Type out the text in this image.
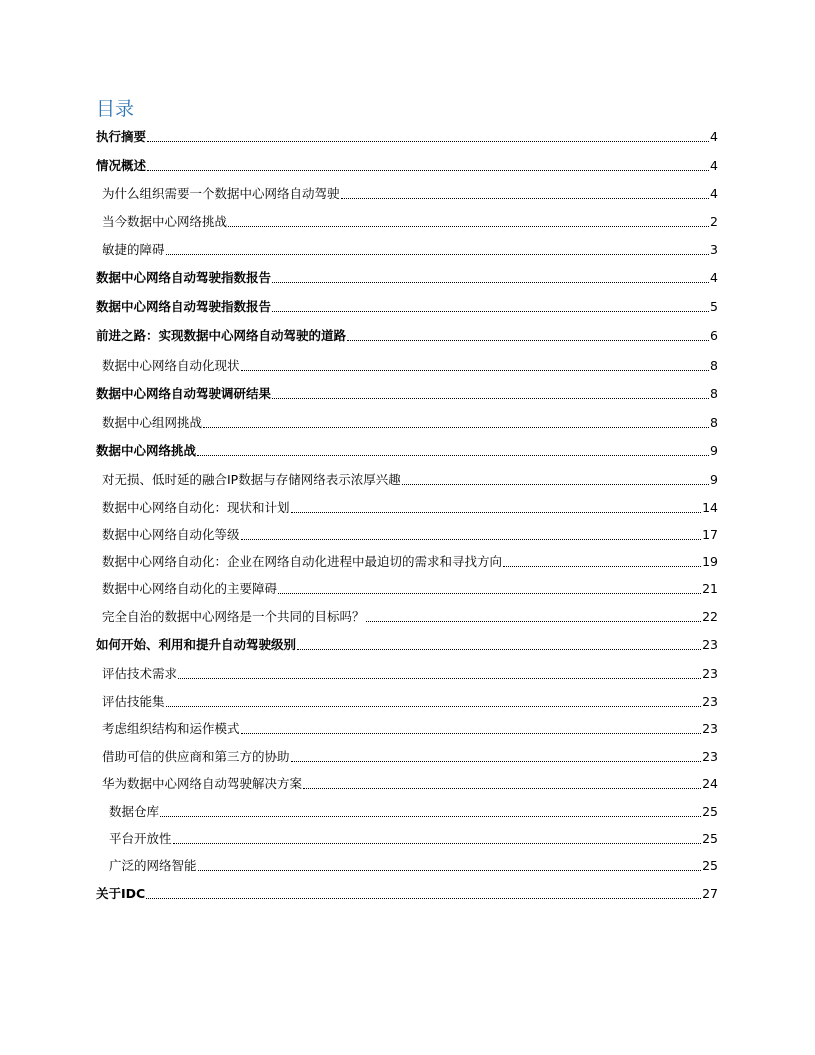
目录
执行摘要	4
情况概述	4
为什么组织需要一个数据中心网络自动驾驶	4
当今数据中心网络挑战	2
敏捷的障碍	3
数据中心网络自动驾驶指数报告	4
数据中心网络自动驾驶指数报告	5
前进之路：实现数据中心网络自动驾驶的道路	6
数据中心网络自动化现状	8
数据中心网络自动驾驶调研结果	8
数据中心组网挑战	8
数据中心网络挑战	9
对无损、低时延的融合IP数据与存储网络表示浓厚兴趣	9
数据中心网络自动化：现状和计划	14
数据中心网络自动化等级	17
数据中心网络自动化：企业在网络自动化进程中最迫切的需求和寻找方向	19
数据中心网络自动化的主要障碍	21
完全自治的数据中心网络是一个共同的目标吗？	22
如何开始、利用和提升自动驾驶级别	23
评估技术需求	23
评估技能集	23
考虑组织结构和运作模式	23
借助可信的供应商和第三方的协助	23
华为数据中心网络自动驾驶解决方案	24
数据仓库	25
平台开放性	25
广泛的网络智能	25
关于IDC	27
